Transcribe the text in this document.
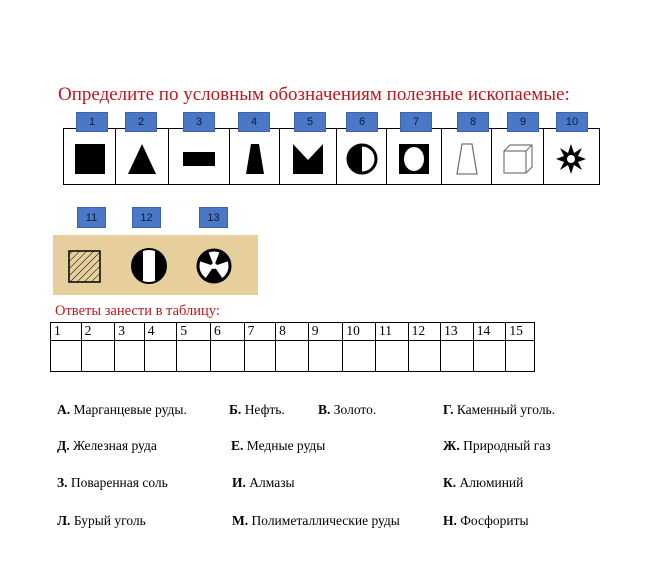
Определите по условным обозначениям полезные ископаемые:
1	2	3	4	5	6	7	8	9	10
11	12	13
Ответы занести в таблицу:
1	2	3	4	5	6	7	8	9	10	11	12	13	14	15

А. Марганцевые руды.	Б. Нефть. В. Золото.	Г. Каменный уголь.
Д. Железная руда	Е. Медные руды	Ж. Природный газ
З. Поваренная соль	И. Алмазы	К. Алюминий
Л. Бурый уголь	М. Полиметаллические руды	Н. Фосфориты
